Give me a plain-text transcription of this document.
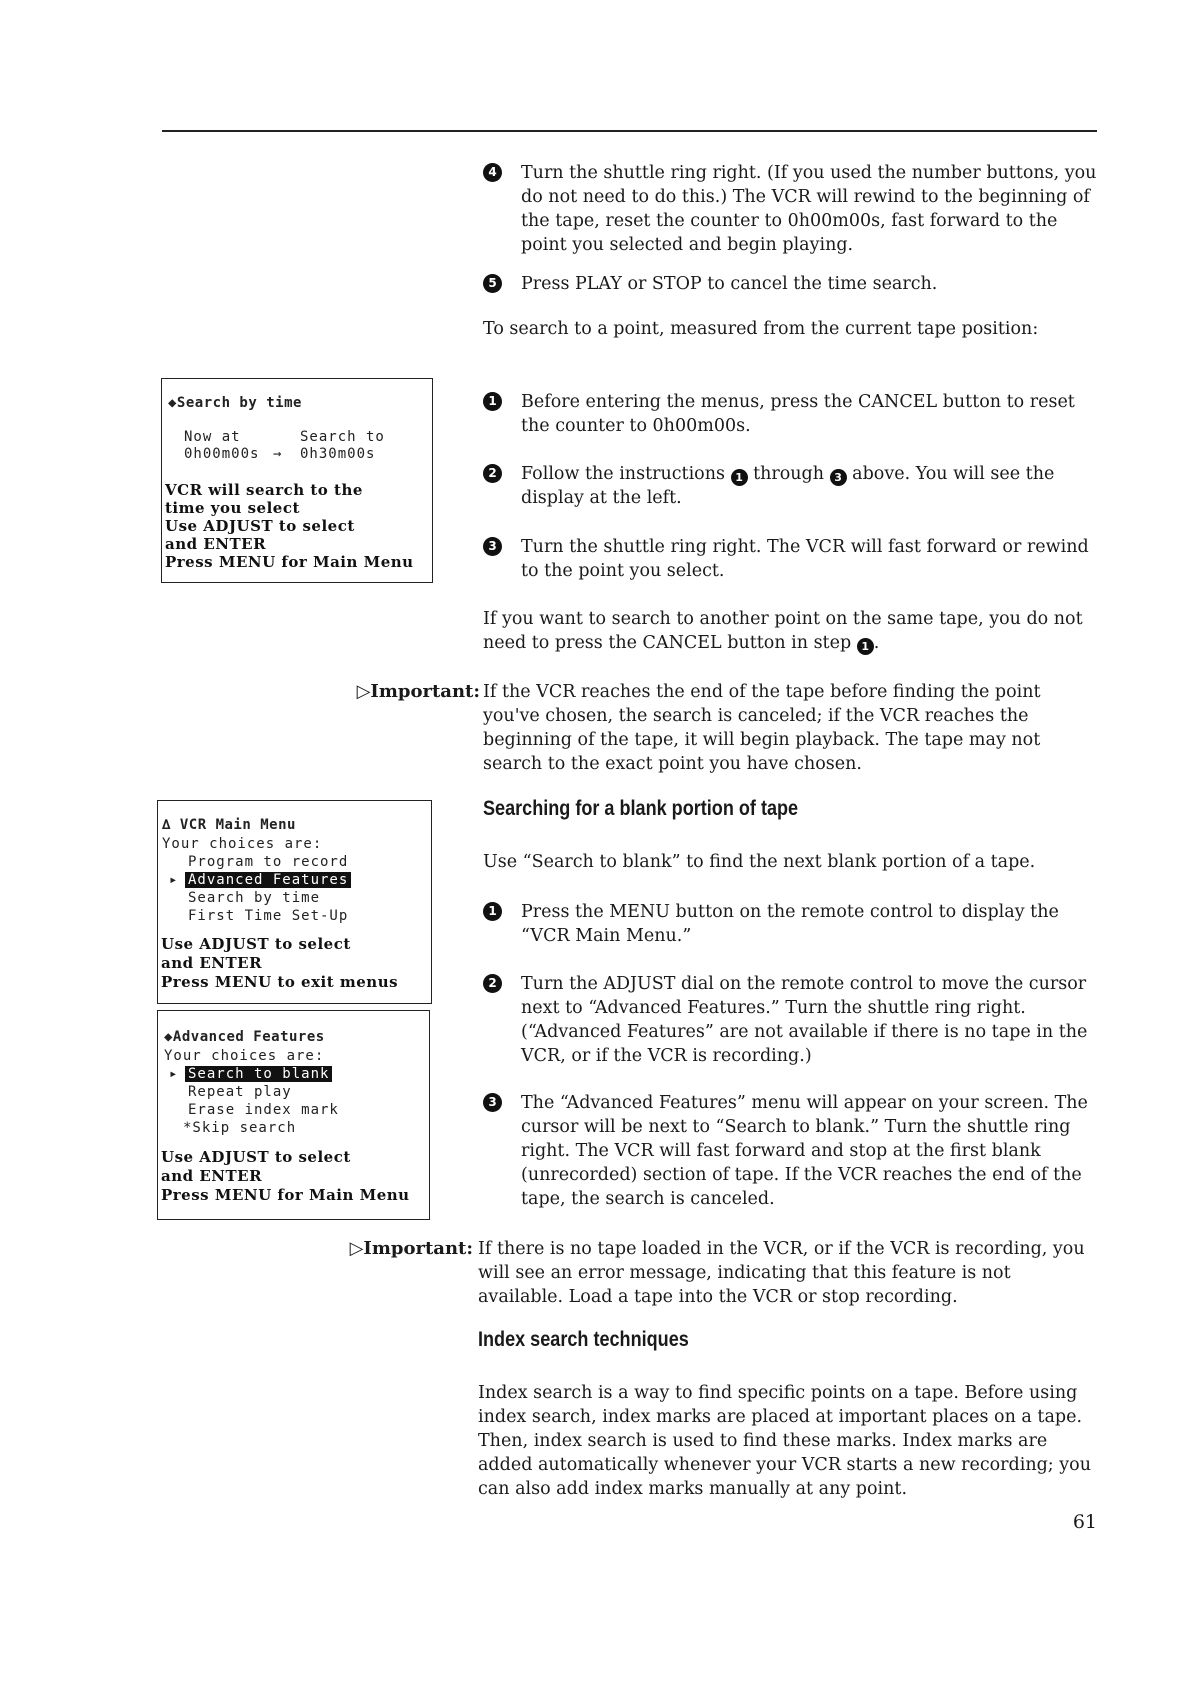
4	Turn the shuttle ring right. (If you used the number buttons, you do not need to do this.) The VCR will rewind to the beginning of the tape, reset the counter to 0h00m00s, fast forward to the point you selected and begin playing.
5	Press PLAY or STOP to cancel the time search.
To search to a point, measured from the current tape position:
◆Search by time
Now at	Search to
0h00m00s → 0h30m00s
VCR will search to the
time you select
Use ADJUST to select
and ENTER
Press MENU for Main Menu
1	Before entering the menus, press the CANCEL button to reset the counter to 0h00m00s.
2	Follow the instructions 1 through 3 above. You will see the display at the left.
3	Turn the shuttle ring right. The VCR will fast forward or rewind to the point you select.
If you want to search to another point on the same tape, you do not need to press the CANCEL button in step 1 .
▷Important: If the VCR reaches the end of the tape before finding the point you've chosen, the search is canceled; if the VCR reaches the beginning of the tape, it will begin playback. The tape may not search to the exact point you have chosen.
∆ VCR Main Menu
Your choices are:
Program to record
▸ Advanced Features
Search by time
First Time Set-Up
Use ADJUST to select
and ENTER
Press MENU to exit menus
◆Advanced Features
Your choices are:
▸ Search to blank
Repeat play
Erase index mark
*Skip search
Use ADJUST to select
and ENTER
Press MENU for Main Menu
Searching for a blank portion of tape
Use “Search to blank” to find the next blank portion of a tape.
1	Press the MENU button on the remote control to display the “VCR Main Menu.”
2	Turn the ADJUST dial on the remote control to move the cursor next to “Advanced Features.” Turn the shuttle ring right. (“Advanced Features” are not available if there is no tape in the VCR, or if the VCR is recording.)
3	The “Advanced Features” menu will appear on your screen. The cursor will be next to “Search to blank.” Turn the shuttle ring right. The VCR will fast forward and stop at the first blank (unrecorded) section of tape. If the VCR reaches the end of the tape, the search is canceled.
▷Important: If there is no tape loaded in the VCR, or if the VCR is recording, you will see an error message, indicating that this feature is not available. Load a tape into the VCR or stop recording.
Index search techniques
Index search is a way to find specific points on a tape. Before using index search, index marks are placed at important places on a tape. Then, index search is used to find these marks. Index marks are added automatically whenever your VCR starts a new recording; you can also add index marks manually at any point.
61
